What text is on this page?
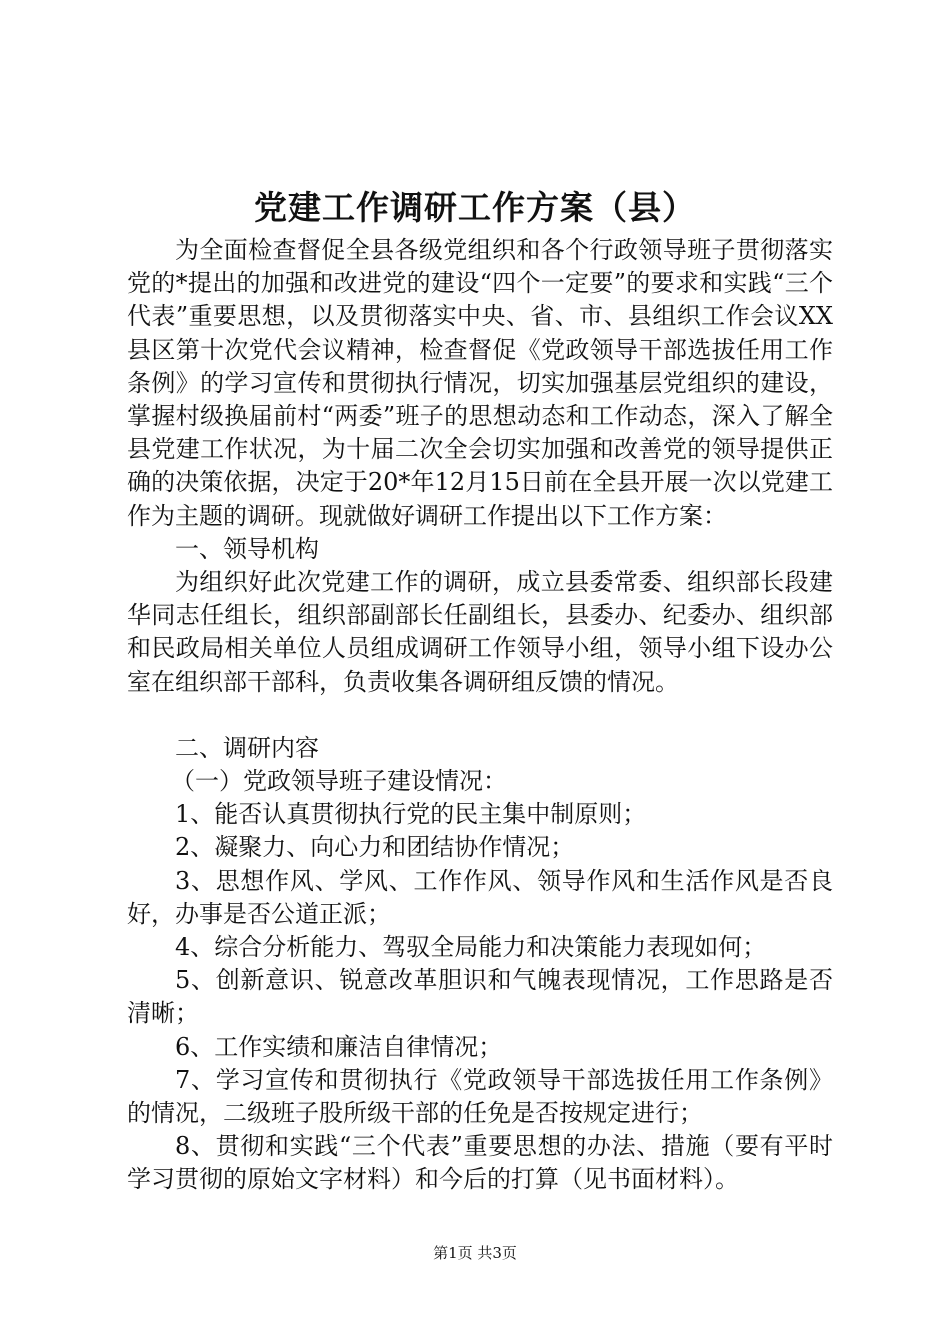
党建工作调研工作方案（县）

为全面检查督促全县各级党组织和各个行政领导班子贯彻落实党的*提出的加强和改进党的建设“四个一定要”的要求和实践“三个代表”重要思想，以及贯彻落实中央、省、市、县组织工作会议XX县区第十次党代会议精神，检查督促《党政领导干部选拔任用工作条例》的学习宣传和贯彻执行情况，切实加强基层党组织的建设，掌握村级换届前村“两委”班子的思想动态和工作动态，深入了解全县党建工作状况，为十届二次全会切实加强和改善党的领导提供正确的决策依据，决定于20*年12月15日前在全县开展一次以党建工作为主题的调研。现就做好调研工作提出以下工作方案：

一、领导机构

为组织好此次党建工作的调研，成立县委常委、组织部长段建华同志任组长，组织部副部长任副组长，县委办、纪委办、组织部和民政局相关单位人员组成调研工作领导小组，领导小组下设办公室在组织部干部科，负责收集各调研组反馈的情况。

二、调研内容

（一）党政领导班子建设情况：

1、能否认真贯彻执行党的民主集中制原则；

2、凝聚力、向心力和团结协作情况；

3、思想作风、学风、工作作风、领导作风和生活作风是否良好，办事是否公道正派；

4、综合分析能力、驾驭全局能力和决策能力表现如何；

5、创新意识、锐意改革胆识和气魄表现情况，工作思路是否清晰；

6、工作实绩和廉洁自律情况；

7、学习宣传和贯彻执行《党政领导干部选拔任用工作条例》的情况，二级班子股所级干部的任免是否按规定进行；

8、贯彻和实践“三个代表”重要思想的办法、措施（要有平时学习贯彻的原始文字材料）和今后的打算（见书面材料）。

第1页 共3页
